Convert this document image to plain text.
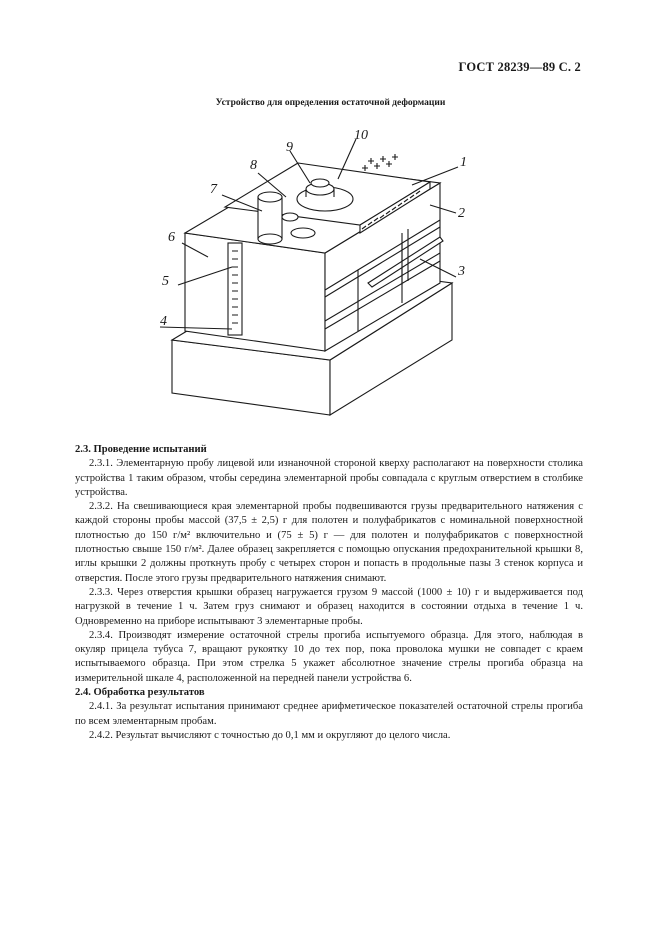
ГОСТ 28239—89 С. 2
Устройство для определения остаточной деформации
1
2
3
4
5
6
7
8
9
10

2.3. Проведение испытаний

2.3.1. Элементарную пробу лицевой или изнаночной стороной кверху располагают на поверхности столика устройства 1 таким образом, чтобы середина элементарной пробы совпадала с круглым отверстием в столбике устройства.

2.3.2. На свешивающиеся края элементарной пробы подвешиваются грузы предварительного натяжения с каждой стороны пробы массой (37,5 ± 2,5) г для полотен и полуфабрикатов с номинальной поверхностной плотностью до 150 г/м² включительно и (75 ± 5) г — для полотен и полуфабрикатов с поверхностной плотностью свыше 150 г/м². Далее образец закрепляется с помощью опускания предохранительной крышки 8, иглы крышки 2 должны проткнуть пробу с четырех сторон и попасть в продольные пазы 3 стенок корпуса и отверстия. После этого грузы предварительного натяжения снимают.

2.3.3. Через отверстия крышки образец нагружается грузом 9 массой (1000 ± 10) г и выдерживается под нагрузкой в течение 1 ч. Затем груз снимают и образец находится в состоянии отдыха в течение 1 ч. Одновременно на приборе испытывают 3 элементарные пробы.

2.3.4. Производят измерение остаточной стрелы прогиба испытуемого образца. Для этого, наблюдая в окуляр прицела тубуса 7, вращают рукоятку 10 до тех пор, пока проволока мушки не совпадет с краем испытываемого образца. При этом стрелка 5 укажет абсолютное значение стрелы прогиба образца на измерительной шкале 4, расположенной на передней панели устройства 6.

2.4. Обработка результатов

2.4.1. За результат испытания принимают среднее арифметическое показателей остаточной стрелы прогиба по всем элементарным пробам.

2.4.2. Результат вычисляют с точностью до 0,1 мм и округляют до целого числа.
